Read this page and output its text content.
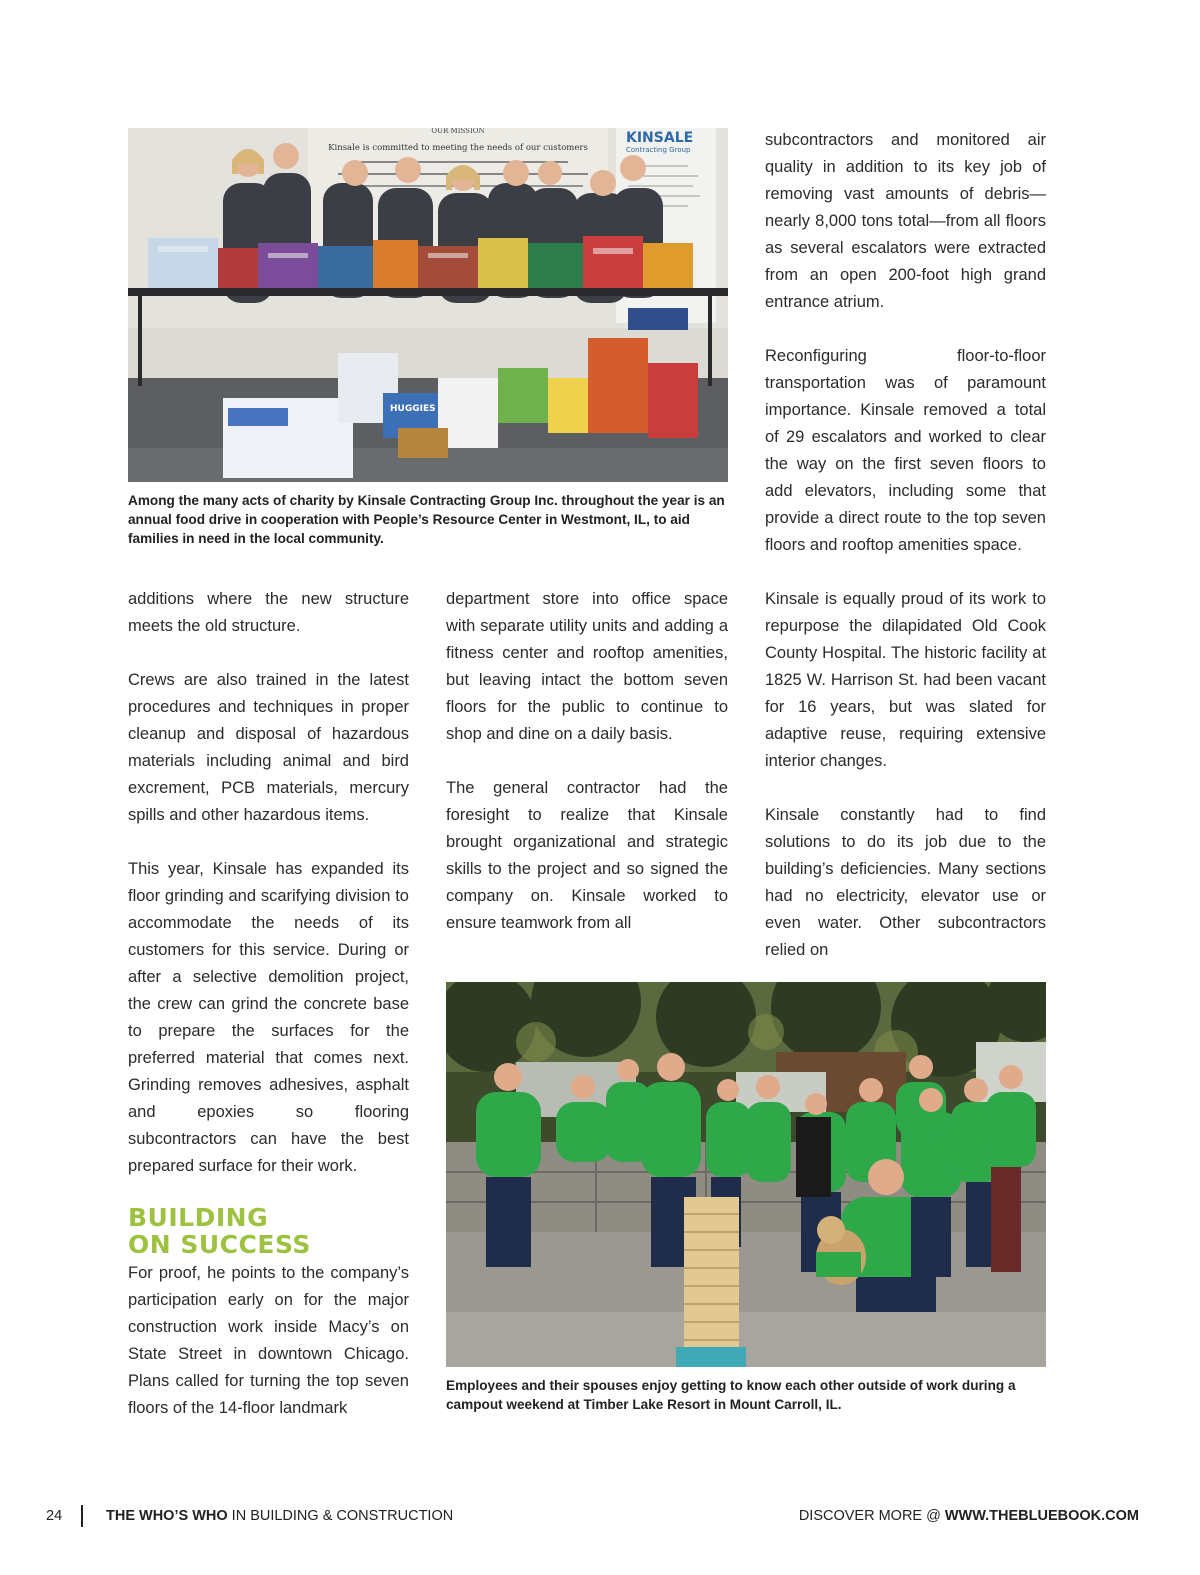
OUR MISSION
Kinsale is committed to meeting the needs of our customers
KINSALE
Contracting Group
HUGGIES

Among the many acts of charity by Kinsale Contracting Group Inc. throughout the year is an annual food drive in cooperation with People’s Resource Center in Westmont, IL, to aid families in need in the local community.

subcontractors and monitored air quality in addition to its key job of removing vast amounts of debris—nearly 8,000 tons total—from all floors as several escalators were extracted from an open 200-foot high grand entrance atrium.

Reconfiguring floor-to-floor transportation was of paramount importance. Kinsale removed a total of 29 escalators and worked to clear the way on the first seven floors to add elevators, including some that provide a direct route to the top seven floors and rooftop amenities space.

additions where the new structure meets the old structure.

Crews are also trained in the latest procedures and techniques in proper cleanup and disposal of hazardous materials including animal and bird excrement, PCB materials, mercury spills and other hazardous items.

This year, Kinsale has expanded its floor grinding and scarifying division to accommodate the needs of its customers for this service. During or after a selective demolition project, the crew can grind the concrete base to prepare the surfaces for the preferred material that comes next. Grinding removes adhesives, asphalt and epoxies so flooring subcontractors can have the best prepared surface for their work.

BUILDING
ON SUCCESS

For proof, he points to the company’s participation early on for the major construction work inside Macy’s on State Street in downtown Chicago. Plans called for turning the top seven floors of the 14-floor landmark

department store into office space with separate utility units and adding a fitness center and rooftop amenities, but leaving intact the bottom seven floors for the public to continue to shop and dine on a daily basis.

The general contractor had the foresight to realize that Kinsale brought organizational and strategic skills to the project and so signed the company on. Kinsale worked to ensure teamwork from all

Kinsale is equally proud of its work to repurpose the dilapidated Old Cook County Hospital. The historic facility at 1825 W. Harrison St. had been vacant for 16 years, but was slated for adaptive reuse, requiring extensive interior changes.

Kinsale constantly had to find solutions to do its job due to the building’s deficiencies. Many sections had no electricity, elevator use or even water. Other subcontractors relied on

Employees and their spouses enjoy getting to know each other outside of work during a campout weekend at Timber Lake Resort in Mount Carroll, IL.

24	THE WHO’S WHO IN BUILDING & CONSTRUCTION	DISCOVER MORE @ WWW.THEBLUEBOOK.COM
